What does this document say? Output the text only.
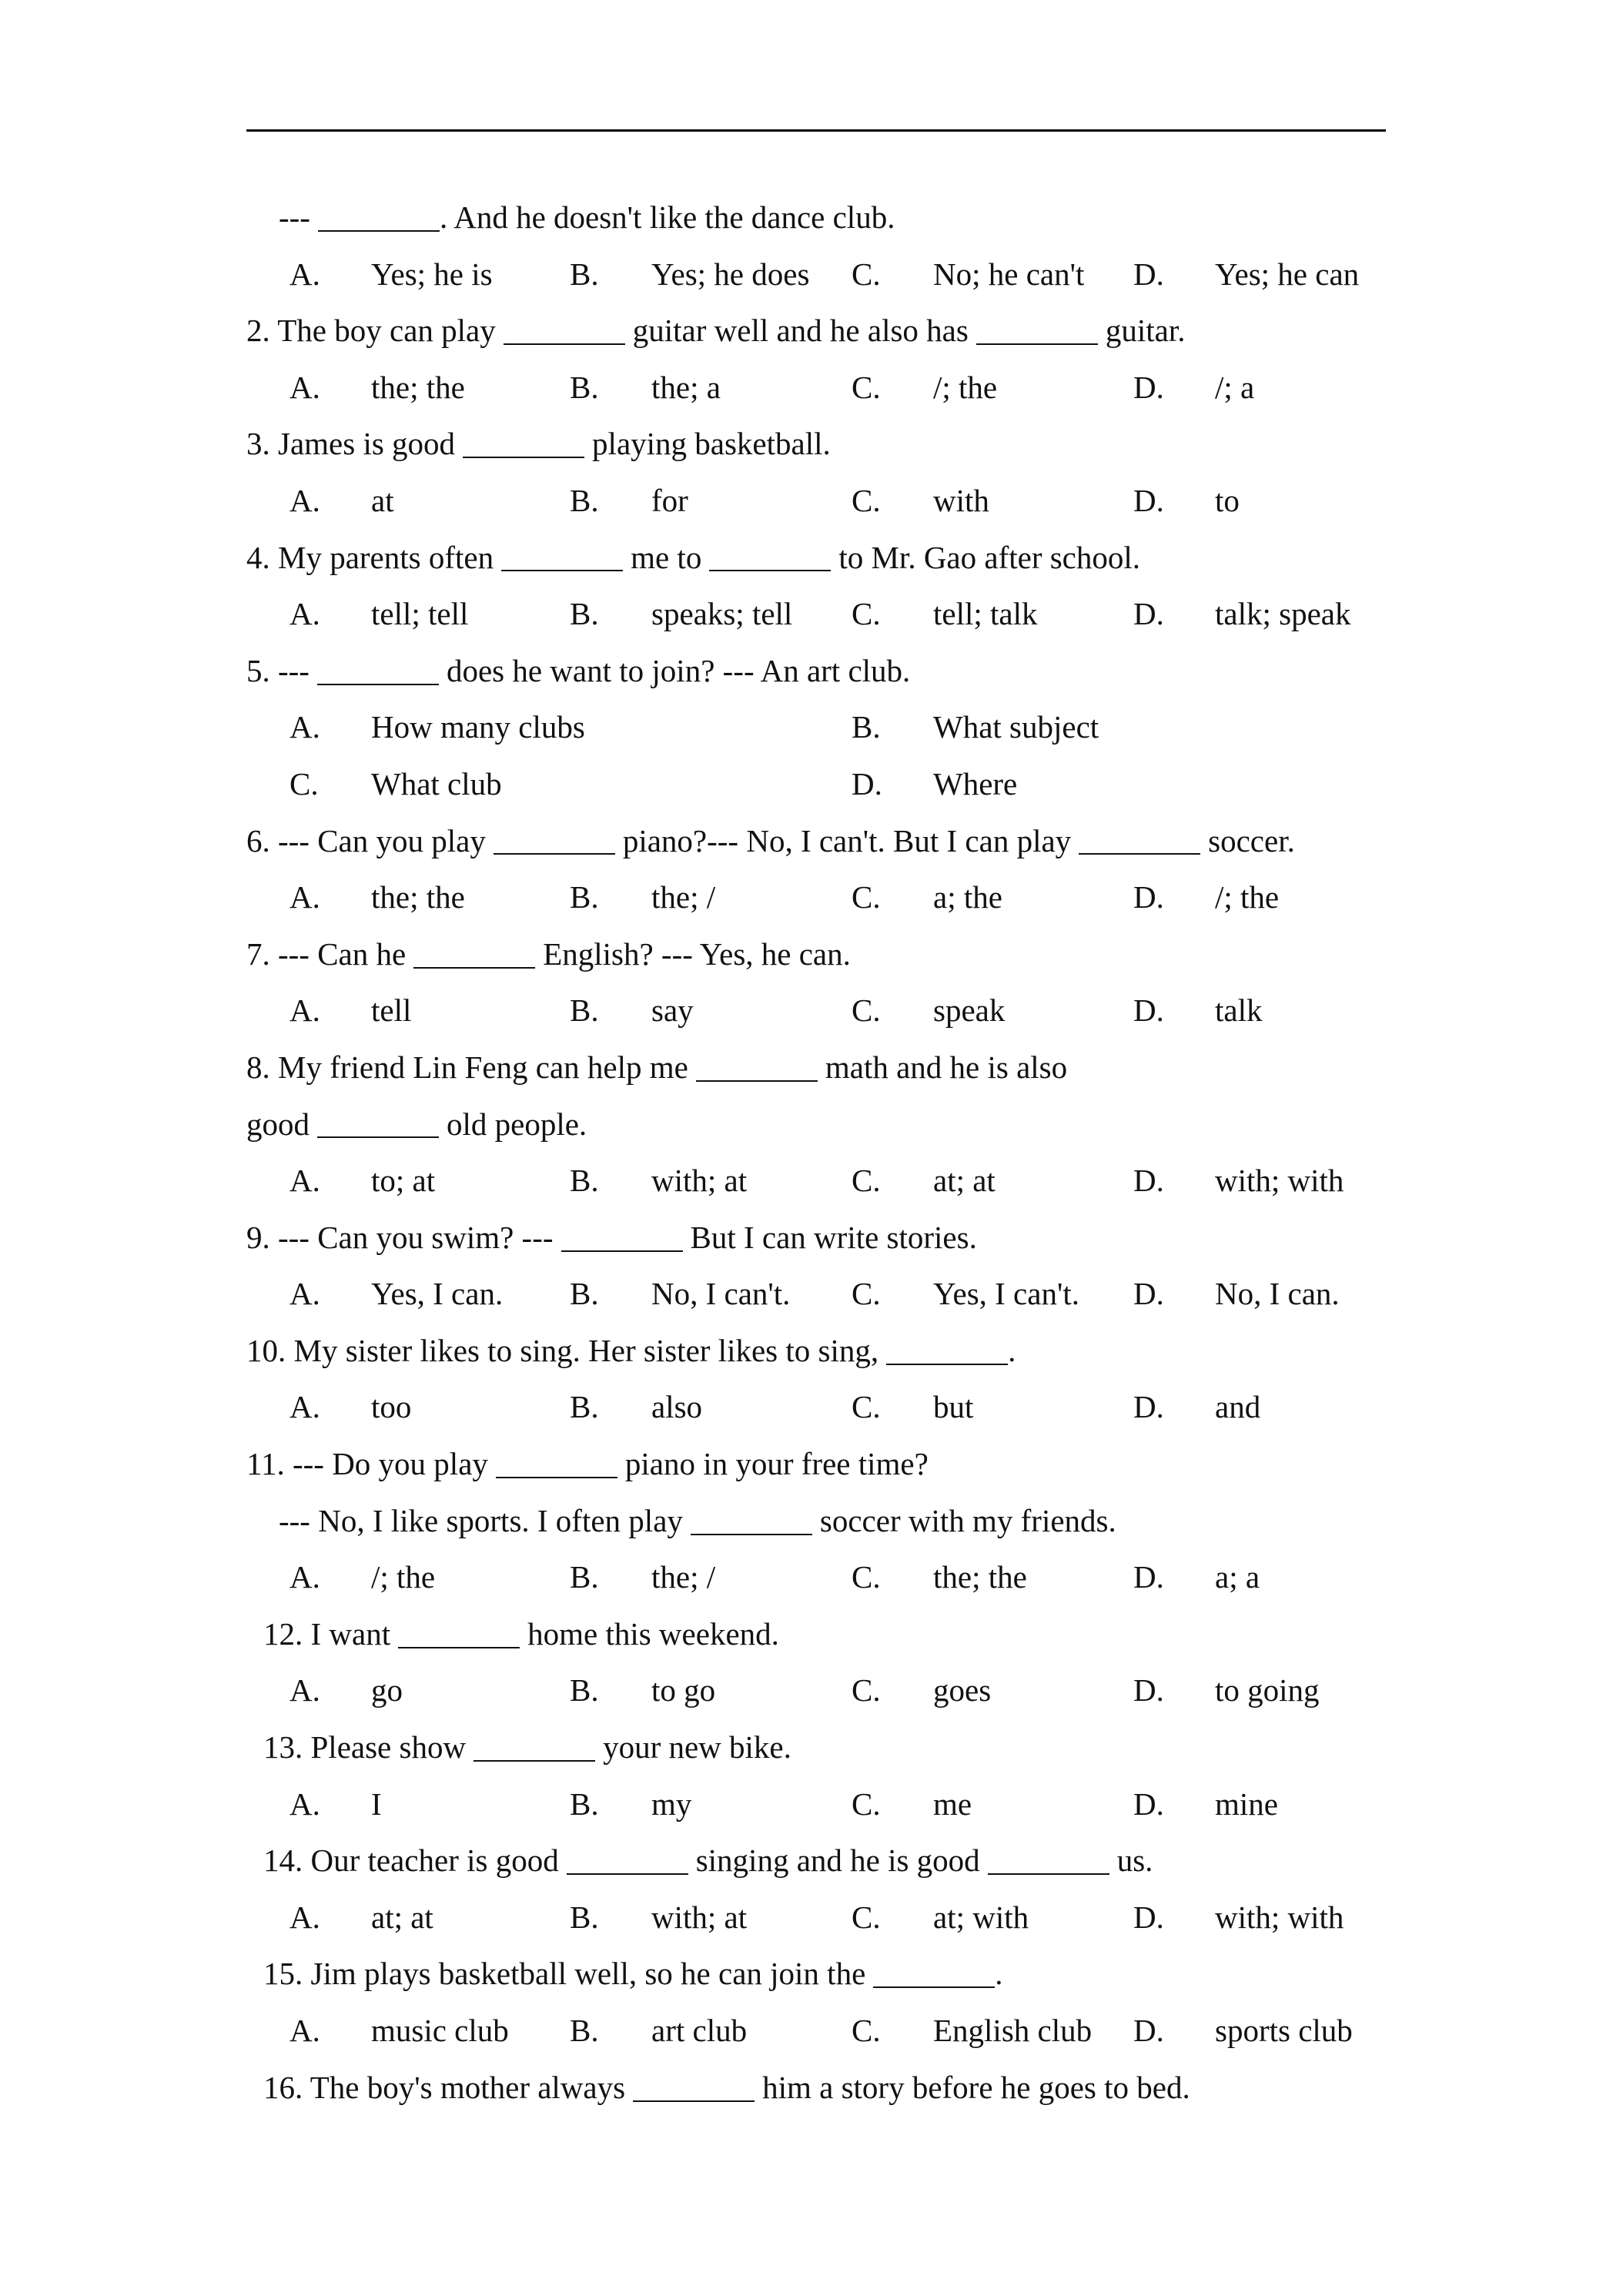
---	. And he doesn't like the dance club.
A. Yes; he is B. Yes; he does C. No; he can't D. Yes; he can
2. The boy can play	guitar well and he also has	guitar.
A. the; the	B. the; a	C. /; the	D. /; a
3. James is good	playing basketball.
A. at	B. for	C. with	D. to
4. My parents often	me to	to Mr. Gao after school.
A. tell; tell	B. speaks; tell C. tell; talk	D. talk; speak
5. ---	does he want to join? --- An art club.
A. How many clubs	B. What subject
C. What club	D. Where
6. --- Can you play	piano?--- No, I can't. But I can play	soccer.
A. the; the	B. the; /	C. a; the	D. /; the
7. --- Can he	English? --- Yes, he can.
A. tell	B. say	C. speak	D. talk
8. My friend Lin Feng can help me	math and he is also
good	old people.
A. to; at	B. with; at	C. at; at	D. with; with
9. --- Can you swim? ---	But I can write stories.
A. Yes, I can. B. No, I can't. C. Yes, I can't. D. No, I can.
10. My sister likes to sing. Her sister likes to sing,	.
A. too	B. also	C. but	D. and
11. --- Do you play	piano in your free time?
--- No, I like sports. I often play	soccer with my friends.
A. /; the	B. the; /	C. the; the	D. a; a
12. I want	home this weekend.
A. go	B. to go	C. goes	D. to going
13. Please show	your new bike.
A. I	B. my	C. me	D. mine
14. Our teacher is good	singing and he is good	us.
A. at; at	B. with; at	C. at; with	D. with; with
15. Jim plays basketball well, so he can join the	.
A. music club B. art club	C. English club D. sports club
16. The boy's mother always	him a story before he goes to bed.
